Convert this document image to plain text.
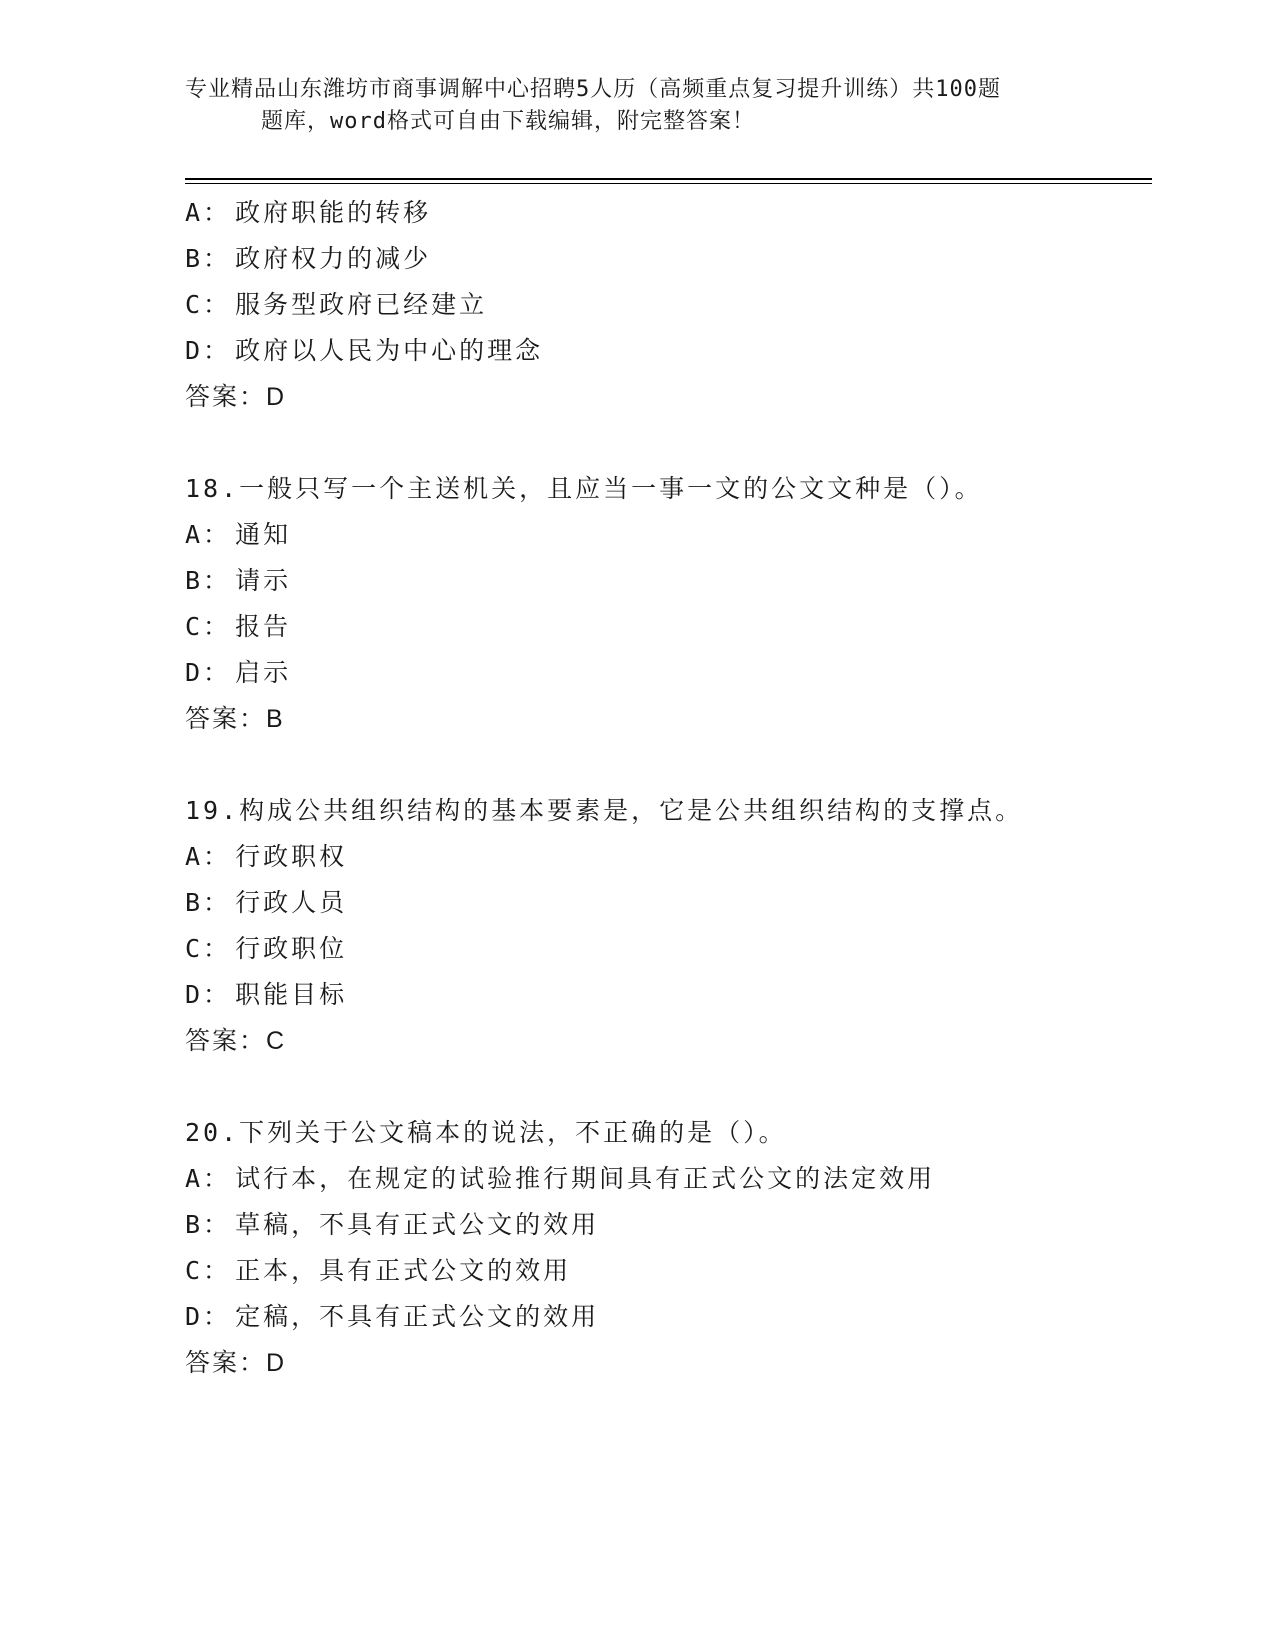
专业精品山东潍坊市商事调解中心招聘5人历（高频重点复习提升训练）共100题
题库，word格式可自由下载编辑，附完整答案！
A： 政府职能的转移
B： 政府权力的减少
C： 服务型政府已经建立
D： 政府以人民为中心的理念
答案：D
18.一般只写一个主送机关，且应当一事一文的公文文种是（）。
A： 通知
B： 请示
C： 报告
D： 启示
答案：B
19.构成公共组织结构的基本要素是，它是公共组织结构的支撑点。
A： 行政职权
B： 行政人员
C： 行政职位
D： 职能目标
答案：C
20.下列关于公文稿本的说法，不正确的是（）。
A： 试行本，在规定的试验推行期间具有正式公文的法定效用
B： 草稿，不具有正式公文的效用
C： 正本，具有正式公文的效用
D： 定稿，不具有正式公文的效用
答案：D
